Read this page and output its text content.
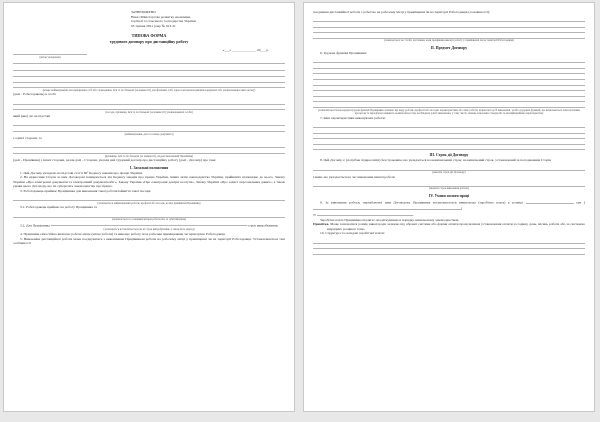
ЗАТВЕРДЖЕНО

Наказ Міністерства розвитку економіки,

торгівлі та сільського господарства України

05 травня 2021 року № 913-21

ТИПОВА ФОРМА
трудового договору про дистанційну роботу
«___» ______________ 20___ р.
(місце укладення)

(повне найменування для юридичних осіб або громадянин, ім'я та по батькові (за наявності) для фізичних осіб, адреса місцезнаходження юридичної або уповноваженої ним органу)

(далі - Роботодавець) в особі

(посада, прізвище, ім'я та по батькові (за наявності) уповноваженої особи)

який (яка) діє на підставі

(найменування, дата та номер документа)

з однієї сторони, та

(прізвище, ім'я та по батькові (за наявності), надалі іменований Працівник)

(далі - Працівник) з іншої сторони, разом далі - Сторони, уклали цей трудовий договір про дистанційну роботу (далі - Договір) про таке:

1. Загальні положення

1. Цей Договір укладено на підставі статті 60² Кодексу законів про працю України.

2. На відносини Сторін за цим Договором поширюється дія Кодексу законів про працю України, інших актів законодавства України, прийнятих відповідно до нього, Закону України «Про електронні документи та електронний документообіг», Закону України «Про електронні довірчі послуги», Закону України «Про захист персональних даних», а також умови цього Договору, що не суперечать законодавству про працю.

3. Роботодавець приймає Працівника для виконання такої роботи/зайняття такої посади:

(зазначається найменування роботи, професії або посади, на яку прийнятий Працівник)

3.1. Роботодавець приймає на роботу Працівника та

(зазначається за основним місцем роботи або за сумісництвом)

3.2. Для Працівника	строк випробування.

(зазначається встановлюється чи ні строк випробування, а також його період)

4. Працівник самостійно визначає робоче місце (місце роботи) та виконує роботу поза робочим приміщенням чи територією Роботодавця.

5. Виконання дистанційної роботи може поєднуватись з виконанням Працівником роботи на робочому місці у приміщенні чи на території Роботодавця. Установлюються такі особливості

поєднання дистанційної роботи з роботою на робочому місці у приміщенні чи на території Роботодавця (за наявності):

(зазначається час та/або дні тижня, коли працівник виконує роботу у приміщенні чи на території Роботодавця)

II. Предмет Договору

6. Трудова функція Працівника:

(зазначаються безпосередні трудові функції Працівника залежно від виду роботи, професії або посади: характеристика або опис роботи, віднесеної до Її виконання, та/або трудових функцій, що визначаються технологічним процесом та передбачає наявність компетентностей, необхідних для їх виконання, у тому числі, знання, ключових стандартів та кваліфікаційних характеристик)

7. Інші характеристики виконуваної роботи:

III. Строк дії Договору

8. Цей Договір є: (потрібне підкреслити) безстроковим, що укладається на невизначений строк; на визначений строк, установлений за погодженням Сторін

(вказати строк дії Договору)

таким, що укладається на час виконання певної роботи

(вказати строк виконання роботи)

IV. Умови оплати праці

9. За виконання роботи, передбаченої цим Договором, Працівнику встановлюється винагорода (заробітна плата) у розмірі	грн ()

за	.

Заробітна плата Працівника підлягає оподаткуванню в порядку, визначеному законодавством.

Примітка. Може зазначатися розмір винагороди залежно від обраної системи або форми оплати праці шляхом установлення оплати за годину, день, місяць роботи або за системою відрядних розцінок тощо.

10. Структура та складові заробітної плати:
